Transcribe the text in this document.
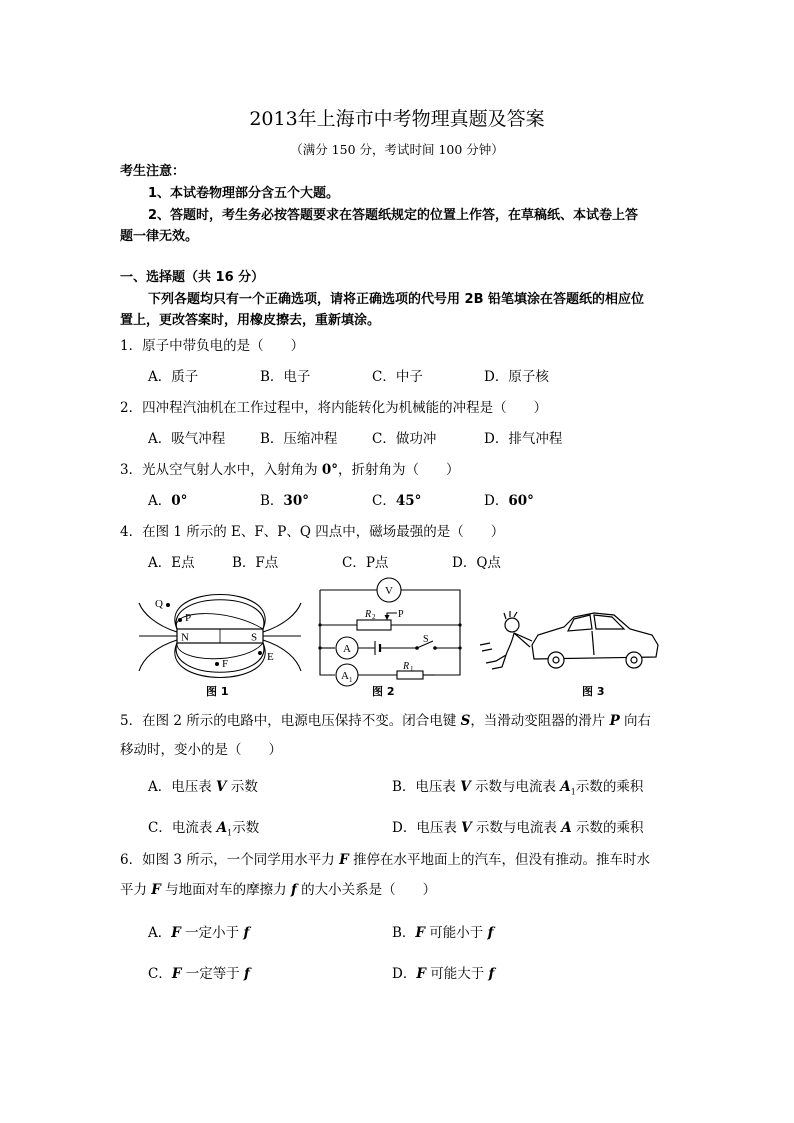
2013年上海市中考物理真题及答案
（满分 150 分，考试时间 100 分钟）
考生注意：
1、本试卷物理部分含五个大题。
2、答题时，考生务必按答题要求在答题纸规定的位置上作答，在草稿纸、本试卷上答
题一律无效。
一、选择题（共 16 分）
下列各题均只有一个正确选项，请将正确选项的代号用 2B 铅笔填涂在答题纸的相应位
置上，更改答案时，用橡皮擦去，重新填涂。
1．原子中带负电的是（　　）
A．质子	B．电子	C．中子	D．原子核
2．四冲程汽油机在工作过程中，将内能转化为机械能的冲程是（　　）
A．吸气冲程	B．压缩冲程	C．做功冲	D．排气冲程
3．光从空气射人水中，入射角为 0°，折射角为（　　）
A．0°	B．30°	C．45°	D．60°
4．在图 1 所示的 E、F、P、Q 四点中，磁场最强的是（　　）
A．E点	B．F点	C．P点	D．Q点
N	S
Q
P
E
F
图 1
V
A
A 1
R 2 P
S
R 1
图 2	图 3
5．在图 2 所示的电路中，电源电压保持不变。闭合电键 S，当滑动变阻器的滑片 P 向右
移动时，变小的是（　　）
A．电压表 V 示数	B．电压表 V 示数与电流表 $A_1$示数的乘积
C．电流表 $A_1$示数	D．电压表 V 示数与电流表 A 示数的乘积
6．如图 3 所示，一个同学用水平力 F 推停在水平地面上的汽车，但没有推动。推车时水
平力 F 与地面对车的摩擦力 f 的大小关系是（　　）
A．F 一定小于 f	B．F 可能小于 f
C．F 一定等于 f	D．F 可能大于 f
